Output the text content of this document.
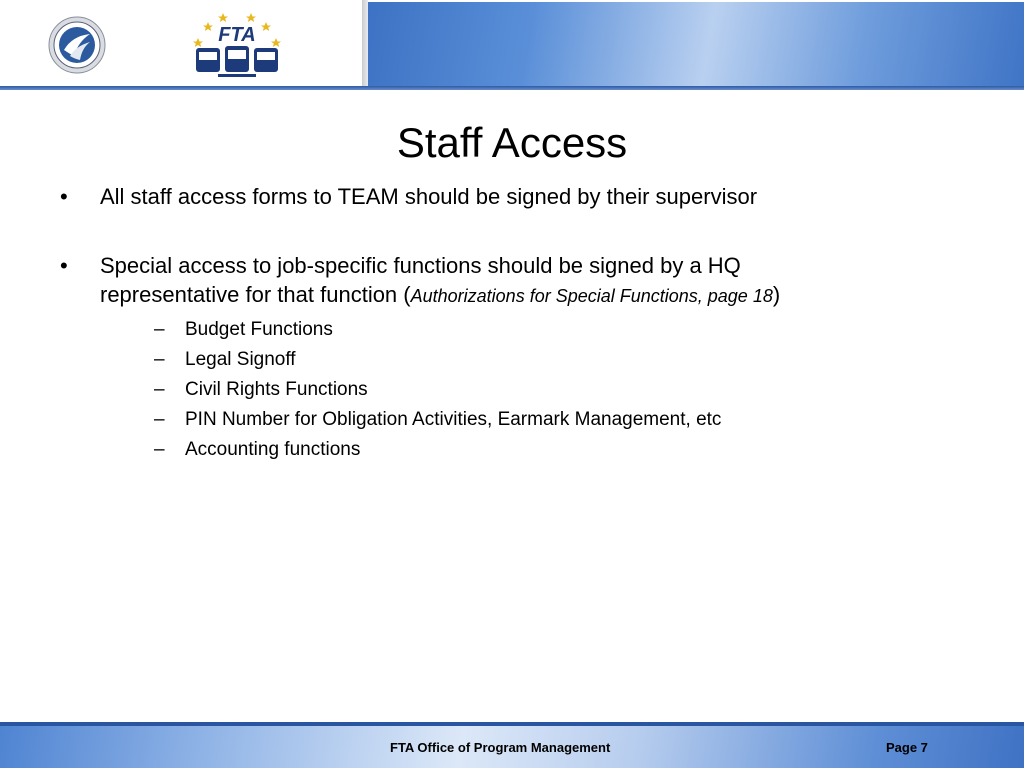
FTA
Staff Access
•	All staff access forms to TEAM should be signed by their supervisor
•	Special access to job-specific functions should be signed by a HQ
representative for that function (Authorizations for Special Functions, page 18)
– Budget Functions
– Legal Signoff
– Civil Rights Functions
– PIN Number for Obligation Activities, Earmark Management, etc
– Accounting functions
FTA Office of Program Management	Page 7
